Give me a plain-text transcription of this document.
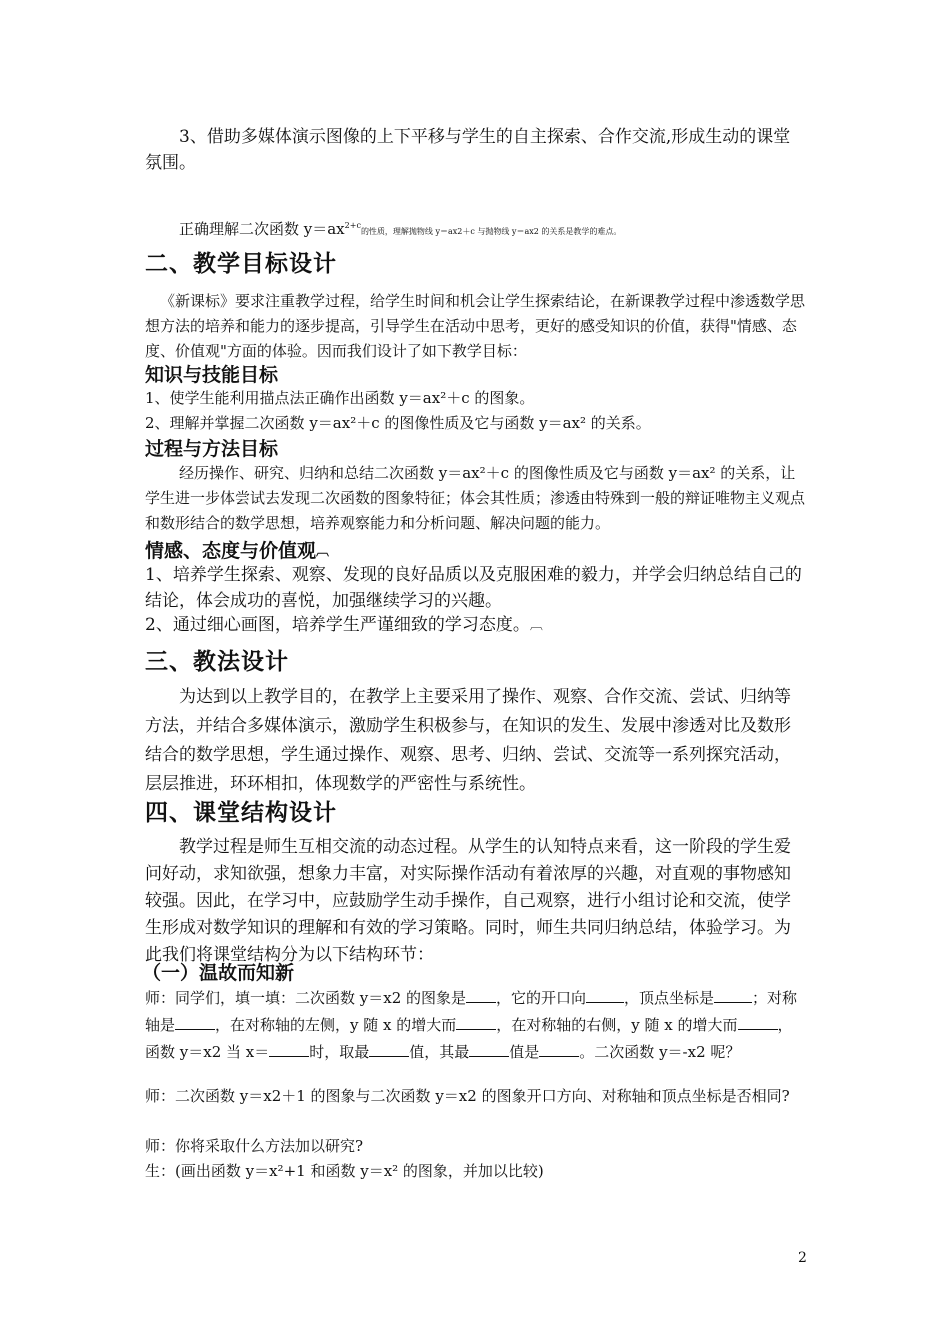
3、借助多媒体演示图像的上下平移与学生的自主探索、合作交流,形成生动的课堂氛围。

正确理解二次函数 $y=ax^{2+c}$的性质，理解抛物线 y＝ax2＋c 与抛物线 y＝ax2 的关系是教学的难点。

二、教学目标设计

《新课标》要求注重教学过程，给学生时间和机会让学生探索结论，在新课教学过程中渗透数学思想方法的培养和能力的逐步提高，引导学生在活动中思考，更好的感受知识的价值，获得"情感、态度、价值观"方面的体验。因而我们设计了如下教学目标：

知识与技能目标

1、使学生能利用描点法正确作出函数 y＝ax²＋c 的图象。

2、理解并掌握二次函数 y＝ax²＋c 的图像性质及它与函数 y＝ax² 的关系。

过程与方法目标

经历操作、研究、归纳和总结二次函数 y＝ax²＋c 的图像性质及它与函数 y＝ax² 的关系，让学生进一步体尝试去发现二次函数的图象特征；体会其性质；渗透由特殊到一般的辩证唯物主义观点和数形结合的数学思想，培养观察能力和分析问题、解决问题的能力。

情感、态度与价值观︹

1、培养学生探索、观察、发现的良好品质以及克服困难的毅力，并学会归纳总结自己的结论，体会成功的喜悦，加强继续学习的兴趣。

2、通过细心画图，培养学生严谨细致的学习态度。︹

三、教法设计

为达到以上教学目的，在教学上主要采用了操作、观察、合作交流、尝试、归纳等方法，并结合多媒体演示，激励学生积极参与，在知识的发生、发展中渗透对比及数形结合的数学思想，学生通过操作、观察、思考、归纳、尝试、交流等一系列探究活动，层层推进，环环相扣，体现数学的严密性与系统性。

四、课堂结构设计

教学过程是师生互相交流的动态过程。从学生的认知特点来看，这一阶段的学生爱问好动，求知欲强，想象力丰富，对实际操作活动有着浓厚的兴趣，对直观的事物感知较强。因此，在学习中，应鼓励学生动手操作，自己观察，进行小组讨论和交流，使学生形成对数学知识的理解和有效的学习策略。同时，师生共同归纳总结，体验学习。为此我们将课堂结构分为以下结构环节：

（一）温故而知新

师：同学们，填一填：二次函数 y＝x2 的图象是 ，它的开口向	，顶点坐标是	；对称轴是	，在对称轴的左侧，y 随 x 的增大而	，在对称轴的右侧，y 随 x 的增大而	，函数 y＝x2 当 x＝	时，取最	值，其最	值是	。二次函数 y＝-x2 呢？

师：二次函数 y＝x2＋1 的图象与二次函数 y＝x2 的图象开口方向、对称轴和顶点坐标是否相同?

师：你将采取什么方法加以研究?

生：(画出函数 y＝x²+1 和函数 y＝x² 的图象，并加以比较)

2
